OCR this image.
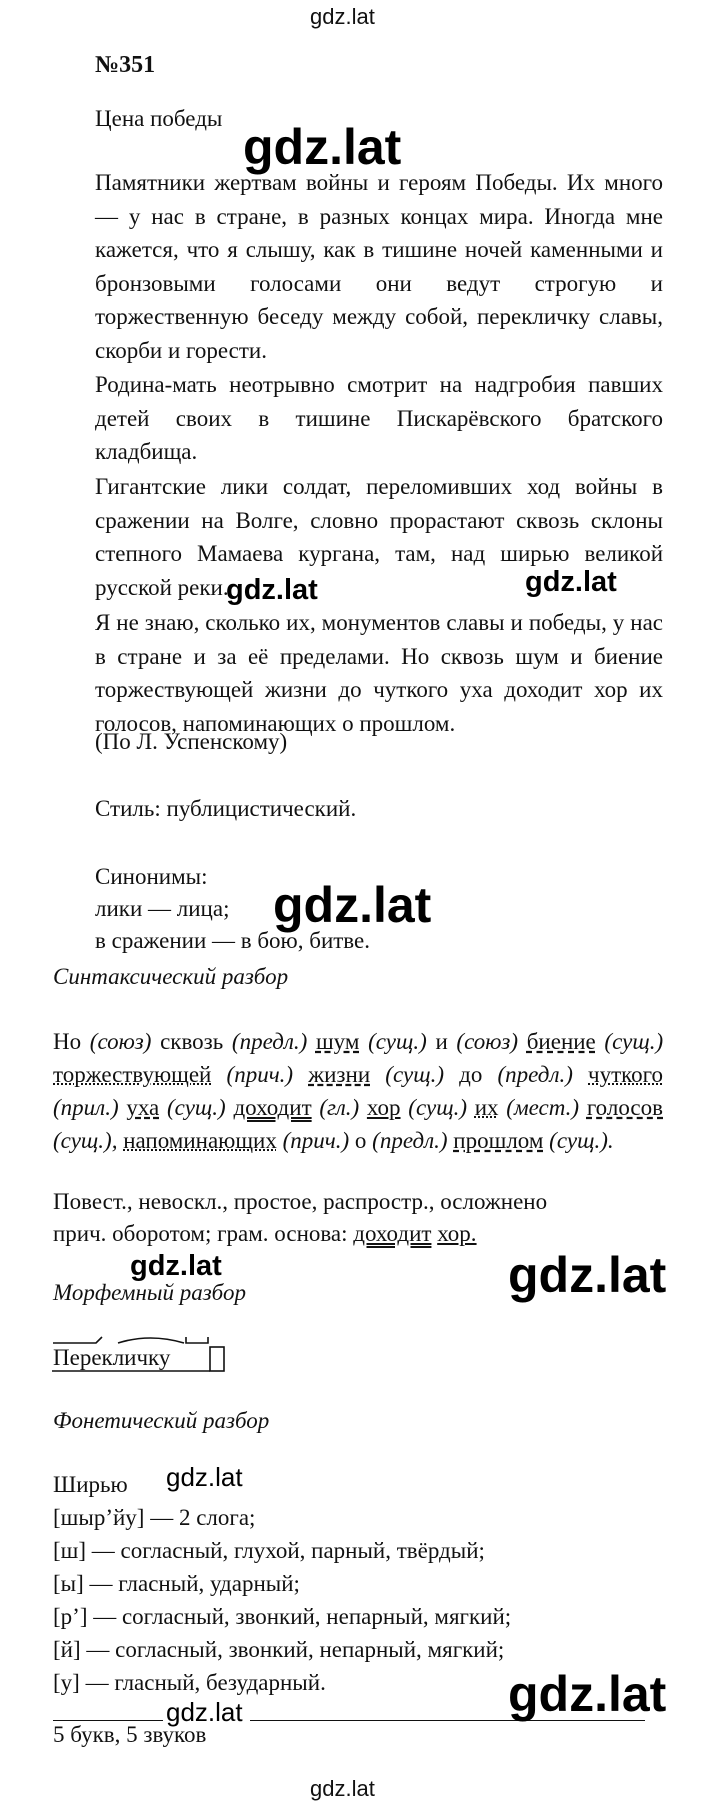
gdz.lat
№351
Цена победы
gdz.lat
Памятники жертвам войны и героям Победы. Их много — у нас в стране, в разных концах мира. Иногда мне кажется, что я слышу, как в тишине ночей каменными и бронзовыми голосами они ведут строгую и торжественную беседу между собой, перекличку славы, скорби и горести.
Родина-мать неотрывно смотрит на надгробия павших детей своих в тишине Пискарёвского братского кладбища.
Гигантские лики солдат, переломивших ход войны в сражении на Волге, словно прорастают сквозь склоны степного Мамаева кургана, там, над ширью великой русской реки.
gdz.lat	gdz.lat
Я не знаю, сколько их, монументов славы и победы, у нас в стране и за её пределами. Но сквозь шум и биение торжествующей жизни до чуткого уха доходит хор их голосов, напоминающих о прошлом.
(По Л. Успенскому)
Стиль: публицистический.
Синонимы:
лики — лица;
в сражении — в бою, битве.
gdz.lat
Синтаксический разбор
Но (союз) сквозь (предл.) шум (сущ.) и (союз) биение (сущ.) торжествующей (прич.) жизни (сущ.) до (предл.) чуткого (прил.) уха (сущ.) доходит (гл.) хор (сущ.) их (мест.) голосов (сущ.), напоминающих (прич.) о (предл.) прошлом (сущ.).
Повест., невоскл., простое, распростр., осложнено
прич. оборотом; грам. основа: доходит хор.
gdz.lat	gdz.lat
Морфемный разбор
Перекличку
Фонетический разбор
Ширью gdz.lat
[шыр’йу] — 2 слога;
[ш] — согласный, глухой, парный, твёрдый;
[ы] — гласный, ударный;
[р’] — согласный, звонкий, непарный, мягкий;
[й] — согласный, звонкий, непарный, мягкий;
[у] — гласный, безударный.
gdz.lat	gdz.lat
5 букв, 5 звуков
gdz.lat
